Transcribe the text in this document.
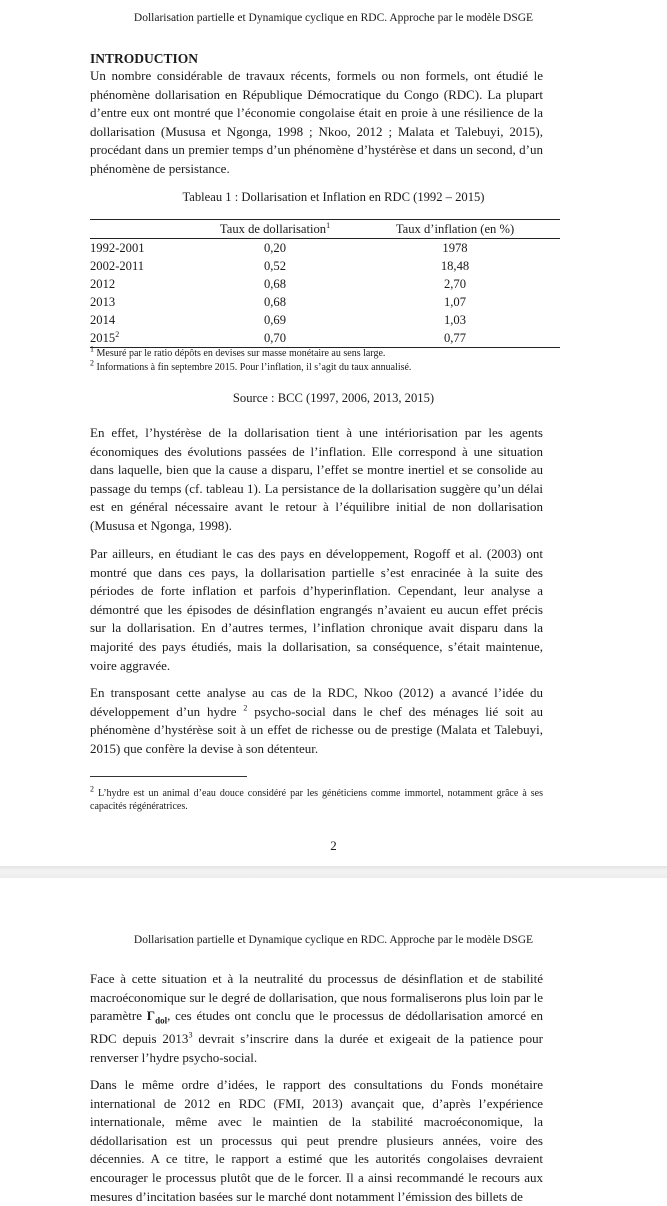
Dollarisation partielle et Dynamique cyclique en RDC. Approche par le modèle DSGE

INTRODUCTION

Un nombre considérable de travaux récents, formels ou non formels, ont étudié le phénomène dollarisation en République Démocratique du Congo (RDC). La plupart d’entre eux ont montré que l’économie congolaise était en proie à une résilience de la dollarisation (Mususa et Ngonga, 1998 ; Nkoo, 2012 ; Malata et Talebuyi, 2015), procédant dans un premier temps d’un phénomène d’hystérèse et dans un second, d’un phénomène de persistance.

Tableau 1 : Dollarisation et Inflation en RDC (1992 – 2015)
	Taux de dollarisation$^1$	Taux d’inflation (en %)
1992-2001	0,20	1978
2002-2011	0,52	18,48
2012	0,68	2,70
2013	0,68	1,07
2014	0,69	1,03
2015$^2$	0,70	0,77
$^1$ Mesuré par le ratio dépôts en devises sur masse monétaire au sens large.
$^2$ Informations à fin septembre 2015. Pour l’inflation, il s’agit du taux annualisé.
Source : BCC (1997, 2006, 2013, 2015)

En effet, l’hystérèse de la dollarisation tient à une intériorisation par les agents économiques des évolutions passées de l’inflation. Elle correspond à une situation dans laquelle, bien que la cause a disparu, l’effet se montre inertiel et se consolide au passage du temps (cf. tableau 1). La persistance de la dollarisation suggère qu’un délai est en général nécessaire avant le retour à l’équilibre initial de non dollarisation (Mususa et Ngonga, 1998).

Par ailleurs, en étudiant le cas des pays en développement, Rogoff et al. (2003) ont montré que dans ces pays, la dollarisation partielle s’est enracinée à la suite des périodes de forte inflation et parfois d’hyperinflation. Cependant, leur analyse a démontré que les épisodes de désinflation engrangés n’avaient eu aucun effet précis sur la dollarisation. En d’autres termes, l’inflation chronique avait disparu dans la majorité des pays étudiés, mais la dollarisation, sa conséquence, s’était maintenue, voire aggravée.

En transposant cette analyse au cas de la RDC, Nkoo (2012) a avancé l’idée du développement d’un hydre $^2$ psycho-social dans le chef des ménages lié soit au phénomène d’hystérèse soit à un effet de richesse ou de prestige (Malata et Talebuyi, 2015) que confère la devise à son détenteur.

$^2$ L’hydre est un animal d’eau douce considéré par les généticiens comme immortel, notamment grâce à ses capacités régénératrices.
2
Dollarisation partielle et Dynamique cyclique en RDC. Approche par le modèle DSGE

Face à cette situation et à la neutralité du processus de désinflation et de stabilité macroéconomique sur le degré de dollarisation, que nous formaliserons plus loin par le paramètre $\Gamma_{dol}$, ces études ont conclu que le processus de dédollarisation amorcé en RDC depuis 2013$^3$ devrait s’inscrire dans la durée et exigeait de la patience pour renverser l’hydre psycho-social.

Dans le même ordre d’idées, le rapport des consultations du Fonds monétaire international de 2012 en RDC (FMI, 2013) avançait que, d’après l’expérience internationale, même avec le maintien de la stabilité macroéconomique, la dédollarisation est un processus qui peut prendre plusieurs années, voire des décennies. A ce titre, le rapport a estimé que les autorités congolaises devraient encourager le processus plutôt que de le forcer. Il a ainsi recommandé le recours aux mesures d’incitation basées sur le marché dont notamment l’émission des billets de
